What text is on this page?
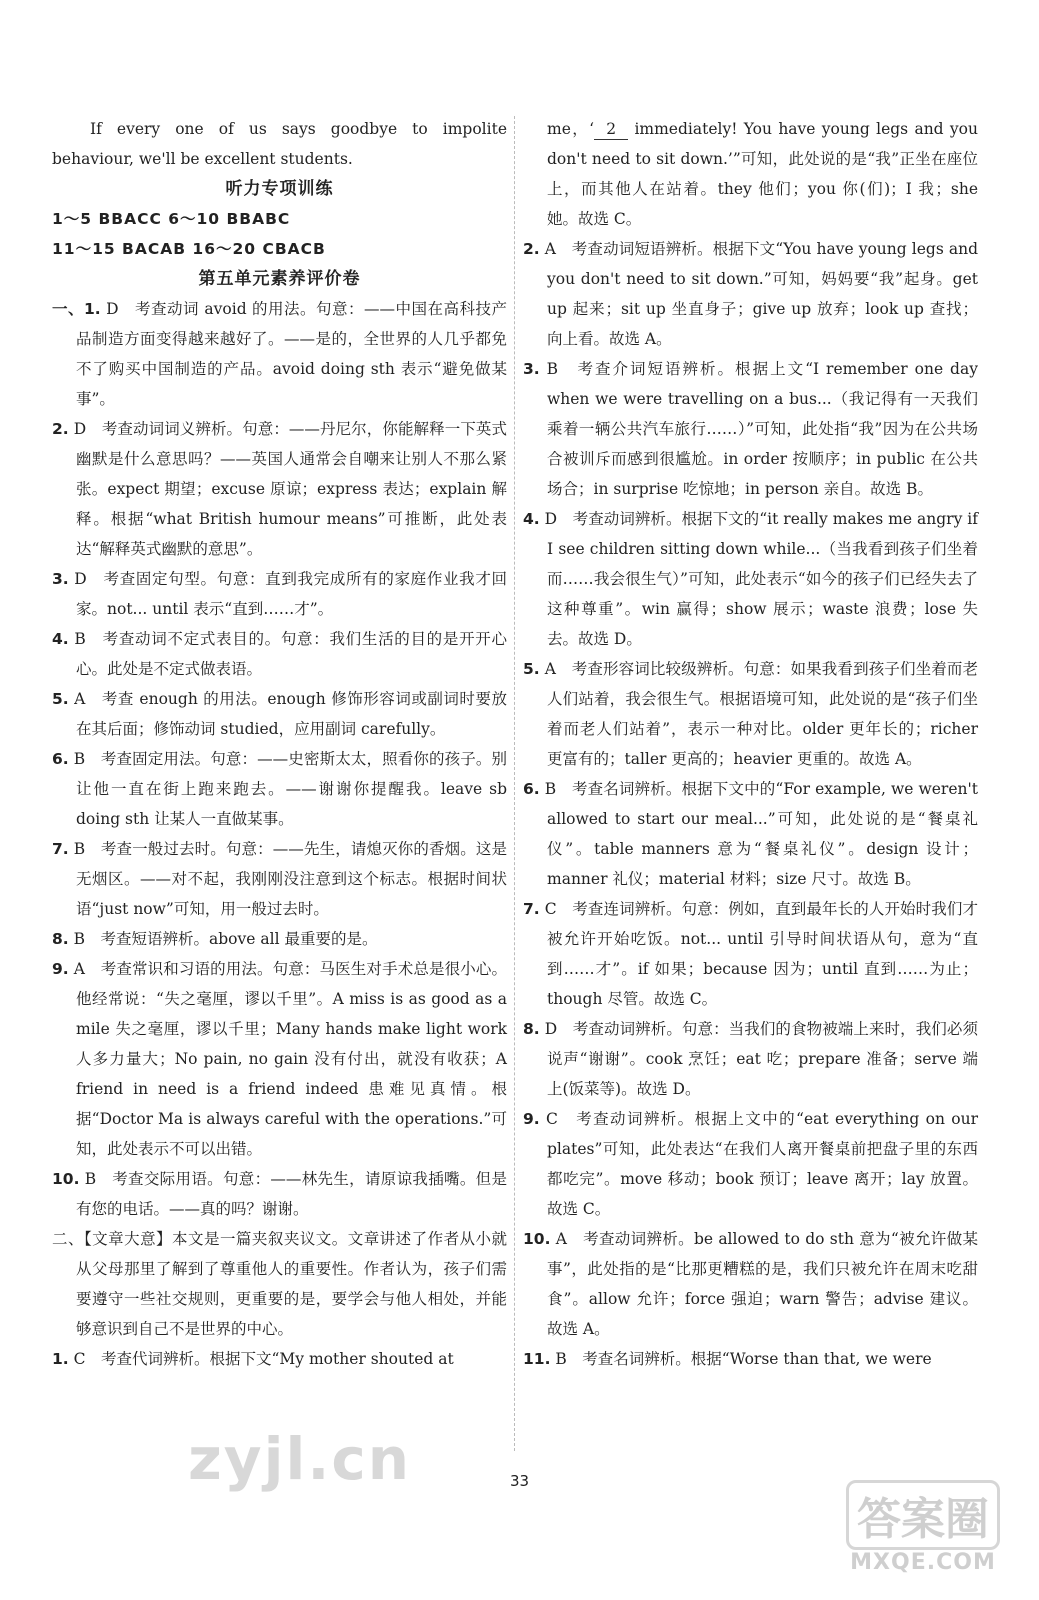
If every one of us says goodbye to impolite behaviour, we'll be excellent students.

听力专项训练

1～5 BBACC 6～10 BBABC

11～15 BACAB 16～20 CBACB

第五单元素养评价卷

一、1. D　考查动词 avoid 的用法。句意：——中国在高科技产品制造方面变得越来越好了。——是的，全世界的人几乎都免不了购买中国制造的产品。avoid doing sth 表示“避免做某事”。

2. D　考查动词词义辨析。句意：——丹尼尔，你能解释一下英式幽默是什么意思吗？——英国人通常会自嘲来让别人不那么紧张。expect 期望；excuse 原谅；express 表达；explain 解释。根据“what British humour means”可推断，此处表达“解释英式幽默的意思”。

3. D　考查固定句型。句意：直到我完成所有的家庭作业我才回家。not... until 表示“直到……才”。

4. B　考查动词不定式表目的。句意：我们生活的目的是开开心心。此处是不定式做表语。

5. A　考查 enough 的用法。enough 修饰形容词或副词时要放在其后面；修饰动词 studied，应用副词 carefully。

6. B　考查固定用法。句意：——史密斯太太，照看你的孩子。别让他一直在街上跑来跑去。——谢谢你提醒我。leave sb doing sth 让某人一直做某事。

7. B　考查一般过去时。句意：——先生，请熄灭你的香烟。这是无烟区。——对不起，我刚刚没注意到这个标志。根据时间状语“just now”可知，用一般过去时。

8. B　考查短语辨析。above all 最重要的是。

9. A　考查常识和习语的用法。句意：马医生对手术总是很小心。他经常说：“失之毫厘，谬以千里”。A miss is as good as a mile 失之毫厘，谬以千里；Many hands make light work 人多力量大；No pain, no gain 没有付出，就没有收获；A friend in need is a friend indeed 患难见真情。根据“Doctor Ma is always careful with the operations.”可知，此处表示不可以出错。

10. B　考查交际用语。句意：——林先生，请原谅我插嘴。但是有您的电话。——真的吗？谢谢。

二、【文章大意】本文是一篇夹叙夹议文。文章讲述了作者从小就从父母那里了解到了尊重他人的重要性。作者认为，孩子们需要遵守一些社交规则，更重要的是，要学会与他人相处，并能够意识到自己不是世界的中心。

1. C　考查代词辨析。根据下文“My mother shouted at

me，‘ 2 immediately! You have young legs and you don't need to sit down.’”可知，此处说的是“我”正坐在座位上，而其他人在站着。they 他们；you 你(们)；I 我；she 她。故选 C。

2. A　考查动词短语辨析。根据下文“You have young legs and you don't need to sit down.”可知，妈妈要“我”起身。get up 起来；sit up 坐直身子；give up 放弃；look up 查找；向上看。故选 A。

3. B　考查介词短语辨析。根据上文“I remember one day when we were travelling on a bus...（我记得有一天我们乘着一辆公共汽车旅行……）”可知，此处指“我”因为在公共场合被训斥而感到很尴尬。in order 按顺序；in public 在公共场合；in surprise 吃惊地；in person 亲自。故选 B。

4. D　考查动词辨析。根据下文的“it really makes me angry if I see children sitting down while...（当我看到孩子们坐着而……我会很生气）”可知，此处表示“如今的孩子们已经失去了这种尊重”。win 赢得；show 展示；waste 浪费；lose 失去。故选 D。

5. A　考查形容词比较级辨析。句意：如果我看到孩子们坐着而老人们站着，我会很生气。根据语境可知，此处说的是“孩子们坐着而老人们站着”，表示一种对比。older 更年长的；richer 更富有的；taller 更高的；heavier 更重的。故选 A。

6. B　考查名词辨析。根据下文中的“For example, we weren't allowed to start our meal...”可知，此处说的是“餐桌礼仪”。table manners 意为“餐桌礼仪”。design 设计；manner 礼仪；material 材料；size 尺寸。故选 B。

7. C　考查连词辨析。句意：例如，直到最年长的人开始时我们才被允许开始吃饭。not... until 引导时间状语从句，意为“直到……才”。if 如果；because 因为；until 直到……为止；though 尽管。故选 C。

8. D　考查动词辨析。句意：当我们的食物被端上来时，我们必须说声“谢谢”。cook 烹饪；eat 吃；prepare 准备；serve 端上(饭菜等)。故选 D。

9. C　考查动词辨析。根据上文中的“eat everything on our plates”可知，此处表达“在我们人离开餐桌前把盘子里的东西都吃完”。move 移动；book 预订；leave 离开；lay 放置。故选 C。

10. A　考查动词辨析。be allowed to do sth 意为“被允许做某事”，此处指的是“比那更糟糕的是，我们只被允许在周末吃甜食”。allow 允许；force 强迫；warn 警告；advise 建议。故选 A。

11. B　考查名词辨析。根据“Worse than that, we were

33
zyjl.cn
答案圈
MXQE.COM
